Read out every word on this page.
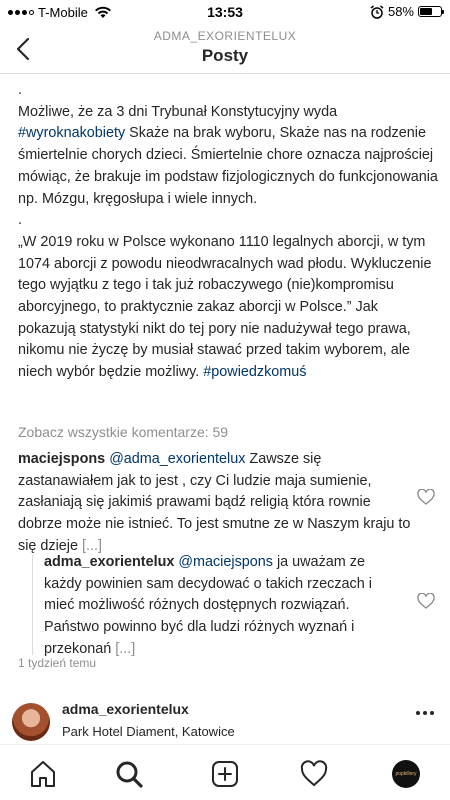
T-Mobile	13:53	58%
ADMA_EXORIENTELUX
Posty

.

Możliwe, że za 3 dni Trybunał Konstytucyjny wyda #wyroknakobiety Skaże na brak wyboru, Skaże nas na rodzenie śmiertelnie chorych dzieci. Śmiertelnie chore oznacza najprościej mówiąc, że brakuje im podstaw fizjologicznych do funkcjonowania np. Mózgu, kręgosłupa i wiele innych.

.

„W 2019 roku w Polsce wykonano 1110 legalnych aborcji, w tym 1074 aborcji z powodu nieodwracalnych wad płodu. Wykluczenie tego wyjątku z tego i tak już robaczywego (nie)kompromisu aborcyjnego, to praktycznie zakaz aborcji w Polsce.” Jak pokazują statystyki nikt do tej pory nie nadużywał tego prawa, nikomu nie życzę by musiał stawać przed takim wyborem, ale niech wybór będzie możliwy. #powiedzkomuś

Zobacz wszystkie komentarze: 59
maciejspons @adma_exorientelux Zawsze się zastanawiałem jak to jest , czy Ci ludzie maja sumienie, zasłaniają się jakimiś prawami bądź religią która rownie dobrze może nie istnieć. To jest smutne ze w Naszym kraju to się dzieje [...]
adma_exorientelux @maciejspons ja uważam ze każdy powinien sam decydować o takich rzeczach i mieć możliwość różnych dostępnych rozwiązań. Państwo powinno być dla ludzi różnych wyznań i przekonań [...]
1 tydzień temu
adma_exorientelux
Park Hotel Diament, Katowice
popkillery
